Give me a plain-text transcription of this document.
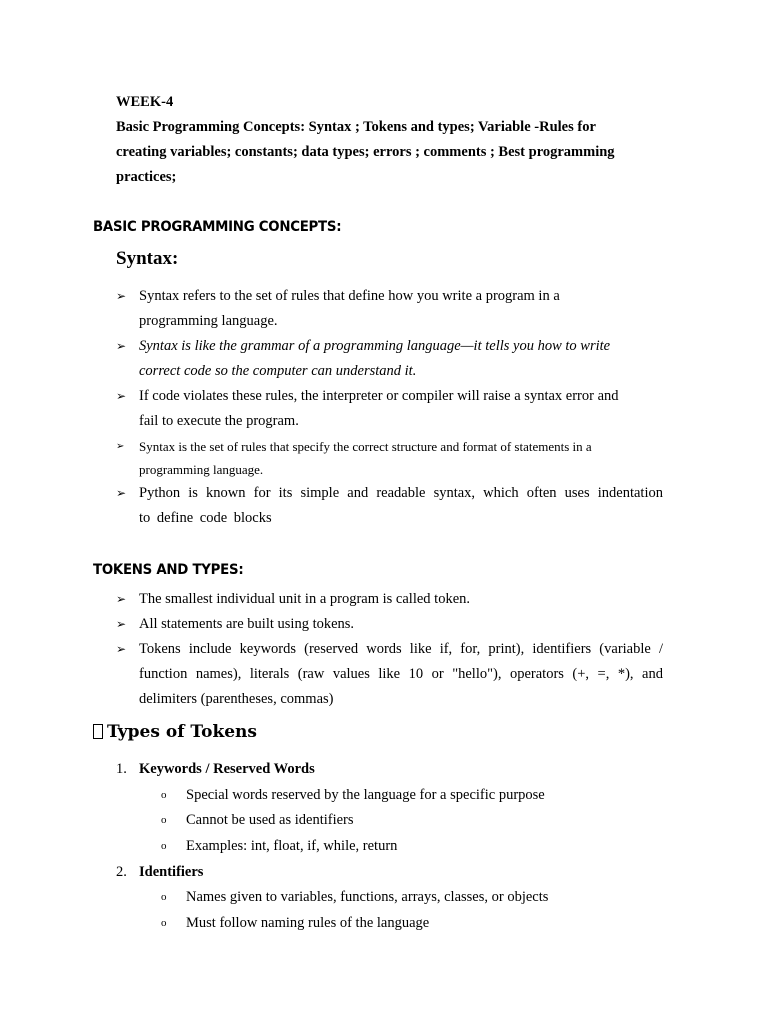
WEEK-4
Basic Programming Concepts: Syntax ; Tokens and types; Variable -Rules for
creating variables; constants; data types; errors ; comments ; Best programming
practices;
BASIC PROGRAMMING CONCEPTS:
Syntax:
➢ Syntax refers to the set of rules that define how you write a program in a
programming language.
➢ Syntax is like the grammar of a programming language—it tells you how to write
correct code so the computer can understand it.
➢ If code violates these rules, the interpreter or compiler will raise a syntax error and
fail to execute the program.
➢ Syntax is the set of rules that specify the correct structure and format of statements in a
programming language.
➢ Python is known for its simple and readable syntax, which often uses indentation
to define code blocks
TOKENS AND TYPES:
➢ The smallest individual unit in a program is called token.
➢ All statements are built using tokens.
➢ Tokens include keywords (reserved words like if, for, print), identifiers (variable /
function names), literals (raw values like 10 or "hello"), operators (+, =, *), and
delimiters (parentheses, commas)
Types of Tokens
1. Keywords / Reserved Words
o Special words reserved by the language for a specific purpose
o Cannot be used as identifiers
o Examples: int, float, if, while, return
2. Identifiers
o Names given to variables, functions, arrays, classes, or objects
o Must follow naming rules of the language
